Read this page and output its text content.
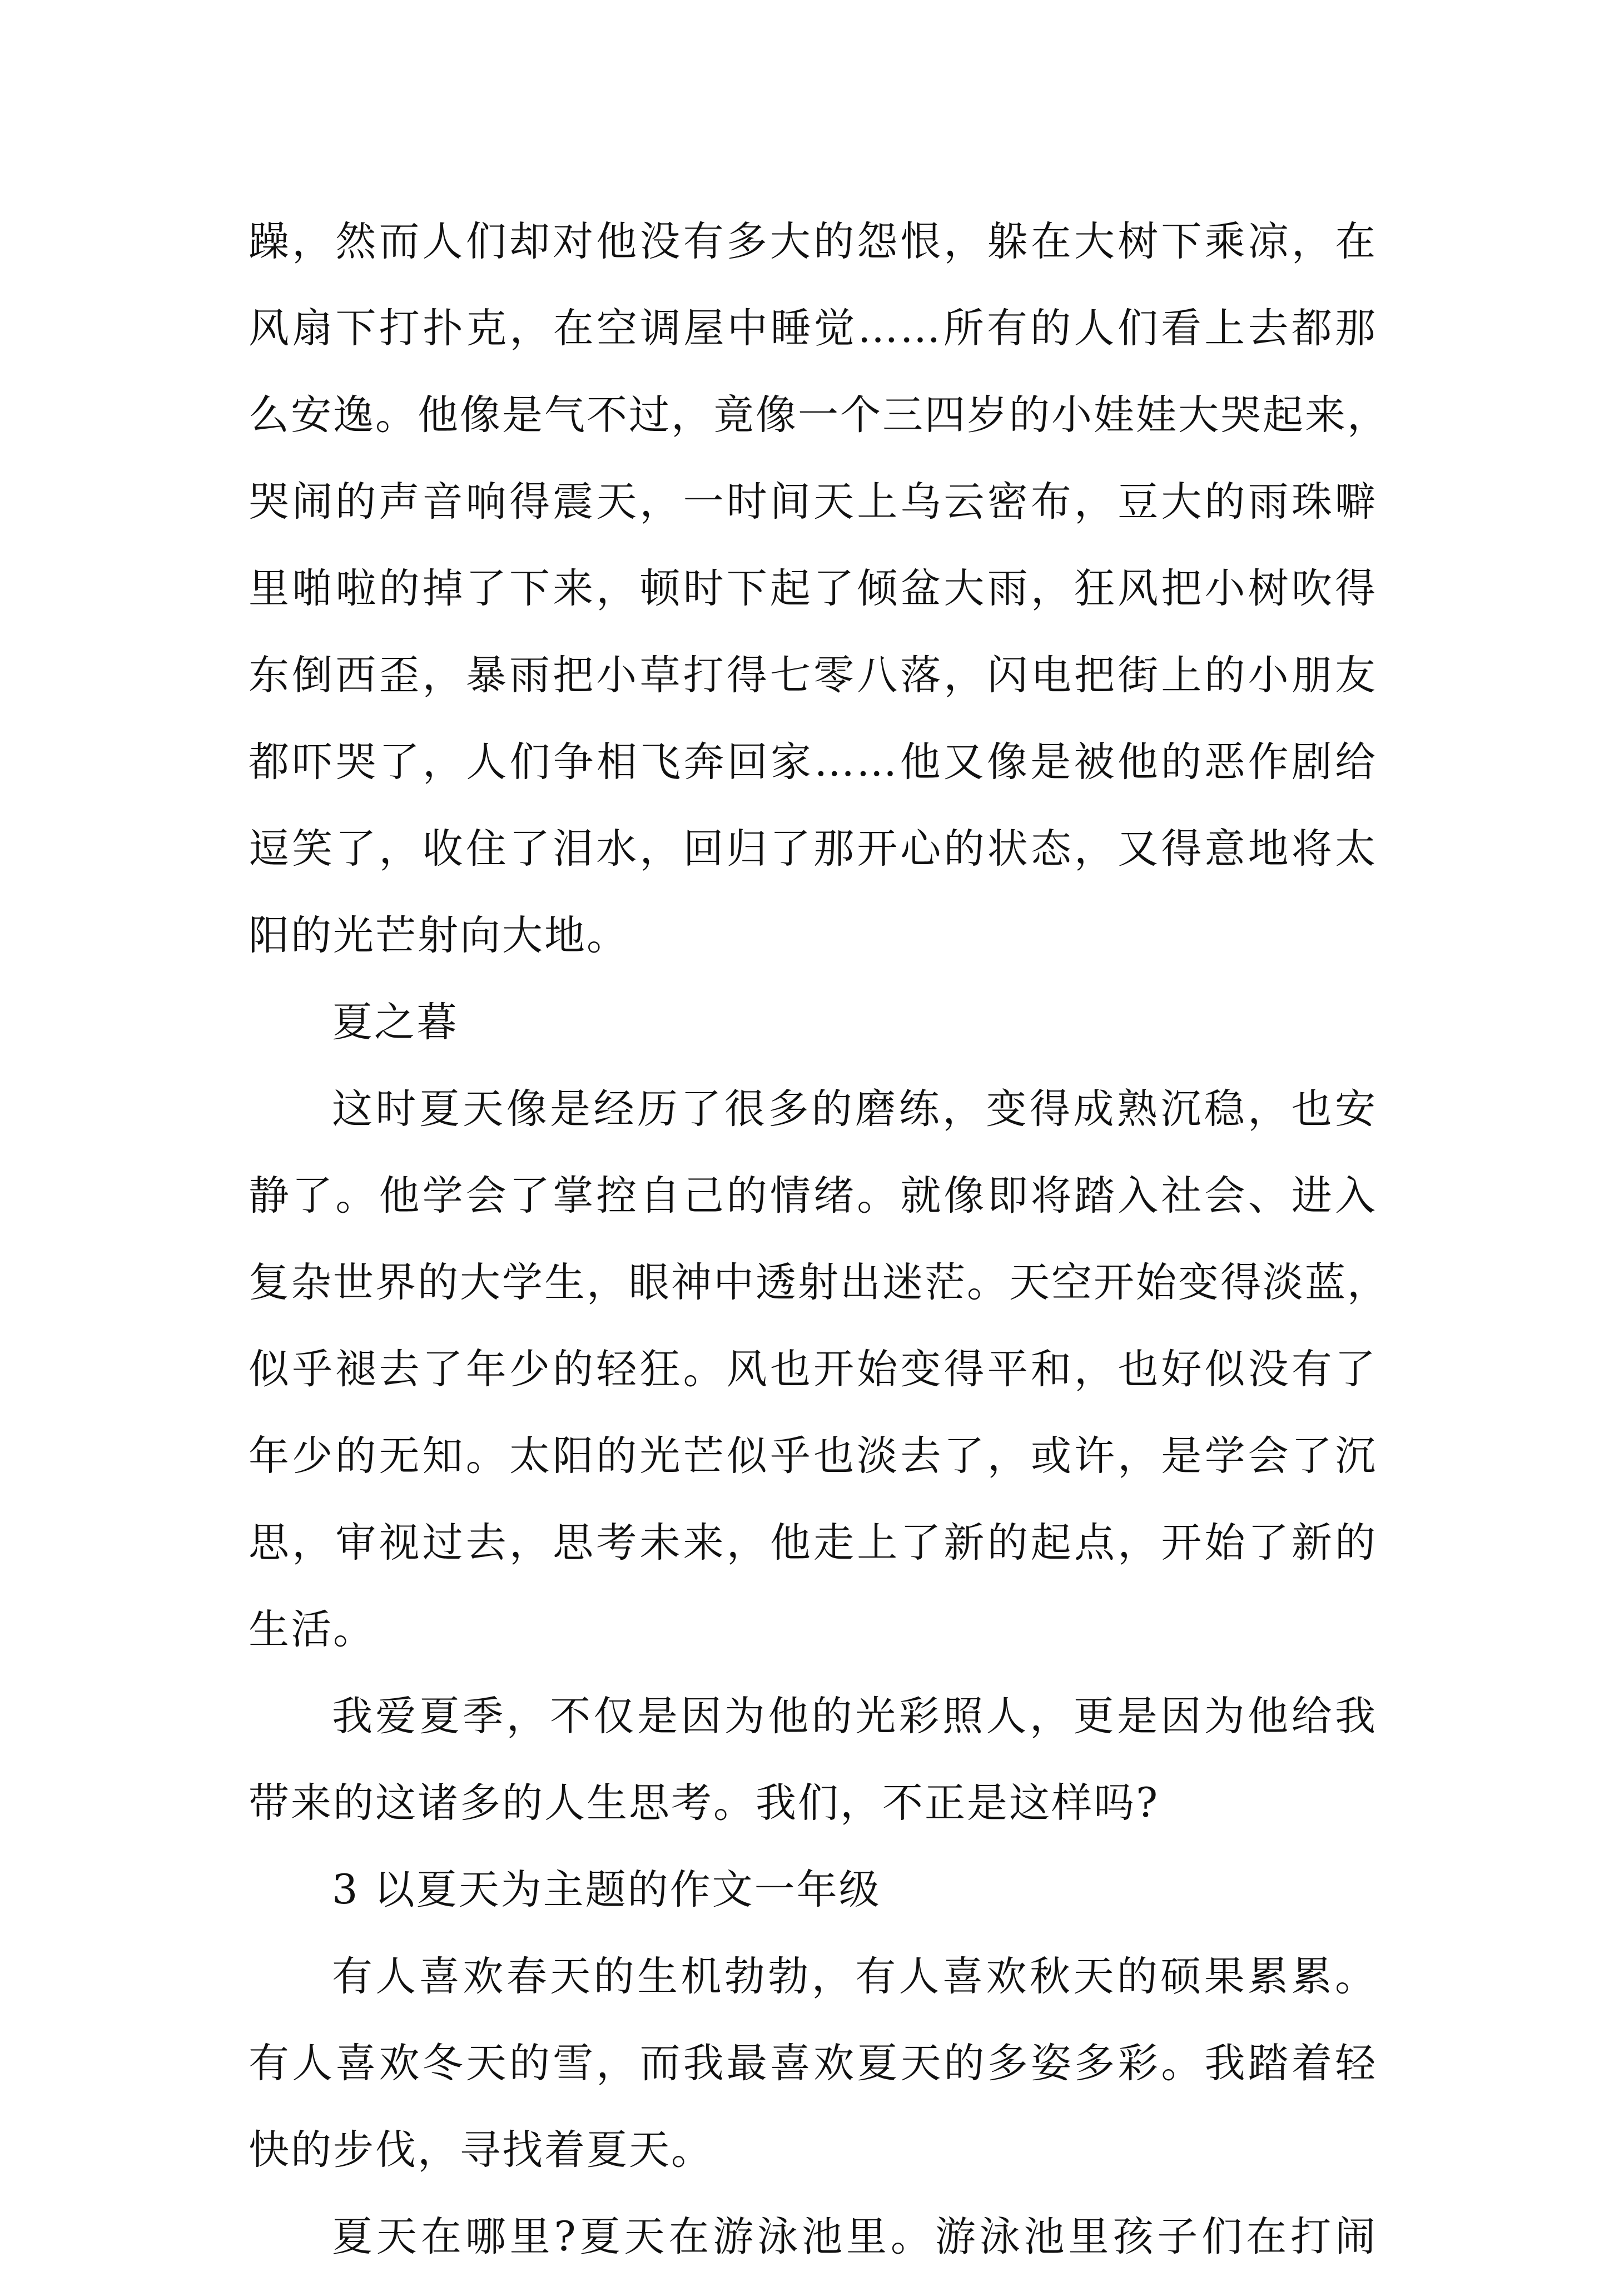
躁，然而人们却对他没有多大的怨恨，躲在大树下乘凉，在
风扇下打扑克，在空调屋中睡觉……所有的人们看上去都那
么安逸。他像是气不过，竟像一个三四岁的小娃娃大哭起来，
哭闹的声音响得震天，一时间天上乌云密布，豆大的雨珠噼
里啪啦的掉了下来，顿时下起了倾盆大雨，狂风把小树吹得
东倒西歪，暴雨把小草打得七零八落，闪电把街上的小朋友
都吓哭了，人们争相飞奔回家……他又像是被他的恶作剧给
逗笑了，收住了泪水，回归了那开心的状态，又得意地将太
阳的光芒射向大地。
夏之暮
这时夏天像是经历了很多的磨练，变得成熟沉稳，也安
静了。他学会了掌控自己的情绪。就像即将踏入社会、进入
复杂世界的大学生，眼神中透射出迷茫。天空开始变得淡蓝，
似乎褪去了年少的轻狂。风也开始变得平和，也好似没有了
年少的无知。太阳的光芒似乎也淡去了，或许，是学会了沉
思，审视过去，思考未来，他走上了新的起点，开始了新的
生活。
我爱夏季，不仅是因为他的光彩照人，更是因为他给我
带来的这诸多的人生思考。我们，不正是这样吗?
3 以夏天为主题的作文一年级
有人喜欢春天的生机勃勃，有人喜欢秋天的硕果累累。
有人喜欢冬天的雪，而我最喜欢夏天的多姿多彩。我踏着轻
快的步伐，寻找着夏天。
夏天在哪里?夏天在游泳池里。游泳池里孩子们在打闹
